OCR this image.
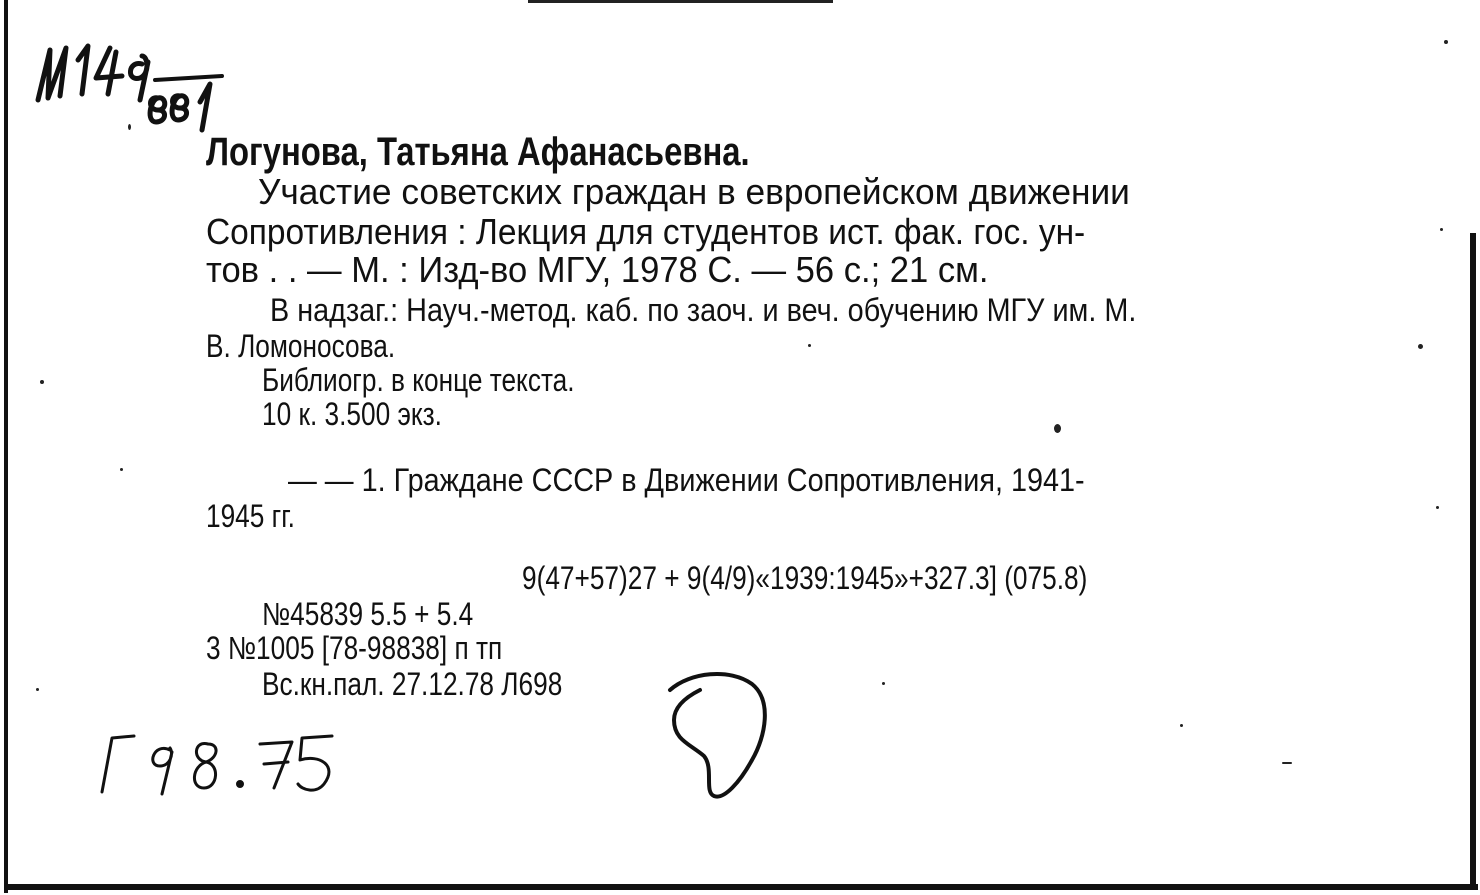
Логунова, Татьяна Афанасьевна.

Участие советских граждан в европейском движении

Сопротивления : Лекция для студентов ист. фак. гос. ун-

тов . . — М. : Изд-во МГУ, 1978 С. — 56 с.; 21 см.

В надзаг.: Науч.-метод. каб. по заоч. и веч. обучению МГУ им. М.

В. Ломоносова.

Библиогр. в конце текста.

10 к. 3.500 экз.

— — 1. Граждане СССР в Движении Сопротивления, 1941-

1945 гг.

9(47+57)27 + 9(4/9)«1939:1945»+327.3] (075.8)

№45839 5.5 + 5.4

3 №1005 [78-98838] п тп

Вс.кн.пал. 27.12.78 Л698
